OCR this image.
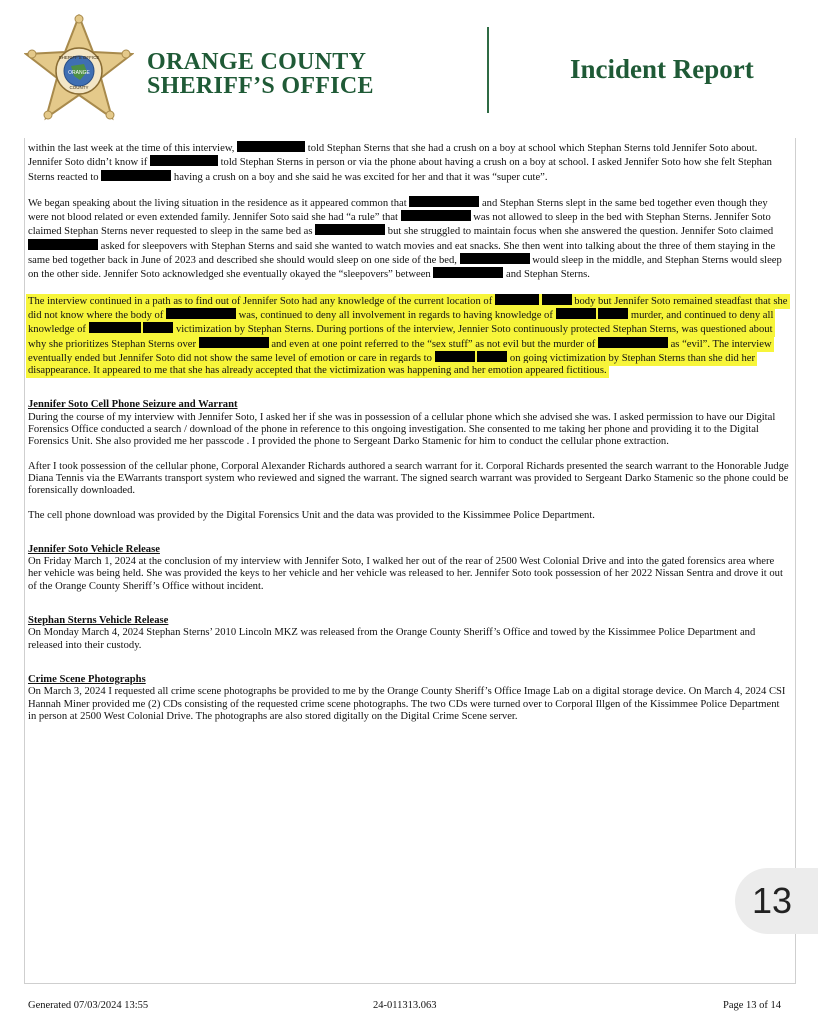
SHERIFF'S OFFICE
ORANGE
COUNTY
ORANGE COUNTY
SHERIFF’S OFFICE
Incident Report

within the last week at the time of this interview,	told Stephan Sterns that she had a crush on a boy at school which Stephan Sterns told Jennifer Soto about. Jennifer Soto didn’t know if	told Stephan Sterns in person or via the phone about having a crush on a boy at school. I asked Jennifer Soto how she felt Stephan Sterns reacted to	having a crush on a boy and she said he was excited for her and that it was “super cute”.

We began speaking about the living situation in the residence as it appeared common that	and Stephan Sterns slept in the same bed together even though they were not blood related or even extended family. Jennifer Soto said she had “a rule” that	was not allowed to sleep in the bed with Stephan Sterns. Jennifer Soto claimed Stephan Sterns never requested to sleep in the same bed as	but she struggled to maintain focus when she answered the question. Jennifer Soto claimed  asked for sleepovers with Stephan Sterns and said she wanted to watch movies and eat snacks. She then went into talking about the three of them staying in the same bed together back in June of 2023 and described she should would sleep on one side of the bed,	would sleep in the middle, and Stephan Sterns would sleep on the other side. Jennifer Soto acknowledged she eventually okayed the “sleepovers” between	and Stephan Sterns.

The interview continued in a path as to find out of Jennifer Soto had any knowledge of the current location of	body but Jennifer Soto remained steadfast that she did not know where the body of	was, continued to deny all involvement in regards to having knowledge of	murder, and continued to deny all knowledge of	victimization by Stephan Sterns. During portions of the interview, Jennier Soto continuously protected Stephan Sterns, was questioned about why she prioritizes Stephan Sterns over	and even at one point referred to the “sex stuff” as not evil but the murder of	as “evil”. The interview eventually ended but Jennifer Soto did not show the same level of emotion or care in regards to	on going victimization by Stephan Sterns than she did her disappearance. It appeared to me that she has already accepted that the victimization was happening and her emotion appeared fictitious.

Jennifer Soto Cell Phone Seizure and Warrant

During the course of my interview with Jennifer Soto, I asked her if she was in possession of a cellular phone which she advised she was. I asked permission to have our Digital Forensics Office conducted a search / download of the phone in reference to this ongoing investigation. She consented to me taking her phone and providing it to the Digital Forensics Unit. She also provided me her passcode . I provided the phone to Sergeant Darko Stamenic for him to conduct the cellular phone extraction.

After I took possession of the cellular phone, Corporal Alexander Richards authored a search warrant for it. Corporal Richards presented the search warrant to the Honorable Judge Diana Tennis via the EWarrants transport system who reviewed and signed the warrant. The signed search warrant was provided to Sergeant Darko Stamenic so the phone could be forensically downloaded.

The cell phone download was provided by the Digital Forensics Unit and the data was provided to the Kissimmee Police Department.

Jennifer Soto Vehicle Release

On Friday March 1, 2024 at the conclusion of my interview with Jennifer Soto, I walked her out of the rear of 2500 West Colonial Drive and into the gated forensics area where her vehicle was being held. She was provided the keys to her vehicle and her vehicle was released to her. Jennifer Soto took possession of her 2022 Nissan Sentra and drove it out of the Orange County Sheriff’s Office without incident.

Stephan Sterns Vehicle Release

On Monday March 4, 2024 Stephan Sterns’ 2010 Lincoln MKZ was released from the Orange County Sheriff’s Office and towed by the Kissimmee Police Department and released into their custody.

Crime Scene Photographs

On March 3, 2024 I requested all crime scene photographs be provided to me by the Orange County Sheriff’s Office Image Lab on a digital storage device. On March 4, 2024 CSI Hannah Miner provided me (2) CDs consisting of the requested crime scene photographs. The two CDs were turned over to Corporal Illgen of the Kissimmee Police Department in person at 2500 West Colonial Drive. The photographs are also stored digitally on the Digital Crime Scene server.

13
Generated 07/03/2024 13:55	24-011313.063	Page 13 of 14
